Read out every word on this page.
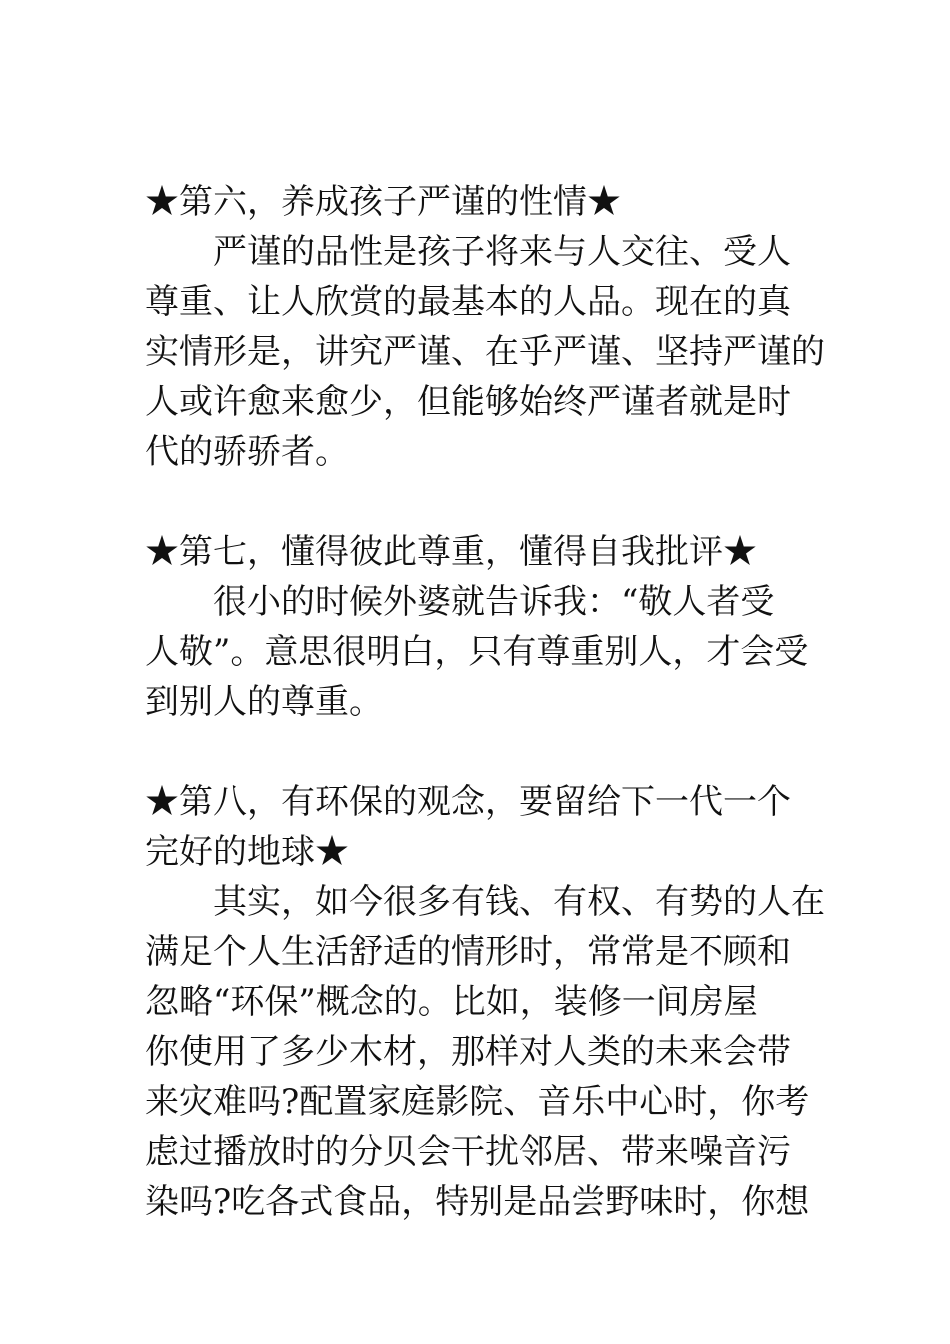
★第六，养成孩子严谨的性情★

严谨的品性是孩子将来与人交往、受人
尊重、让人欣赏的最基本的人品。现在的真
实情形是，讲究严谨、在乎严谨、坚持严谨的
人或许愈来愈少，但能够始终严谨者就是时
代的骄骄者。

★第七，懂得彼此尊重，懂得自我批评★

很小的时候外婆就告诉我：“敬人者受
人敬”。意思很明白，只有尊重别人，才会受
到别人的尊重。

★第八，有环保的观念，要留给下一代一个
完好的地球★

其实，如今很多有钱、有权、有势的人在
满足个人生活舒适的情形时，常常是不顾和
忽略“环保”概念的。比如，装修一间房屋
你使用了多少木材，那样对人类的未来会带
来灾难吗?配置家庭影院、音乐中心时，你考
虑过播放时的分贝会干扰邻居、带来噪音污
染吗?吃各式食品，特别是品尝野味时，你想
